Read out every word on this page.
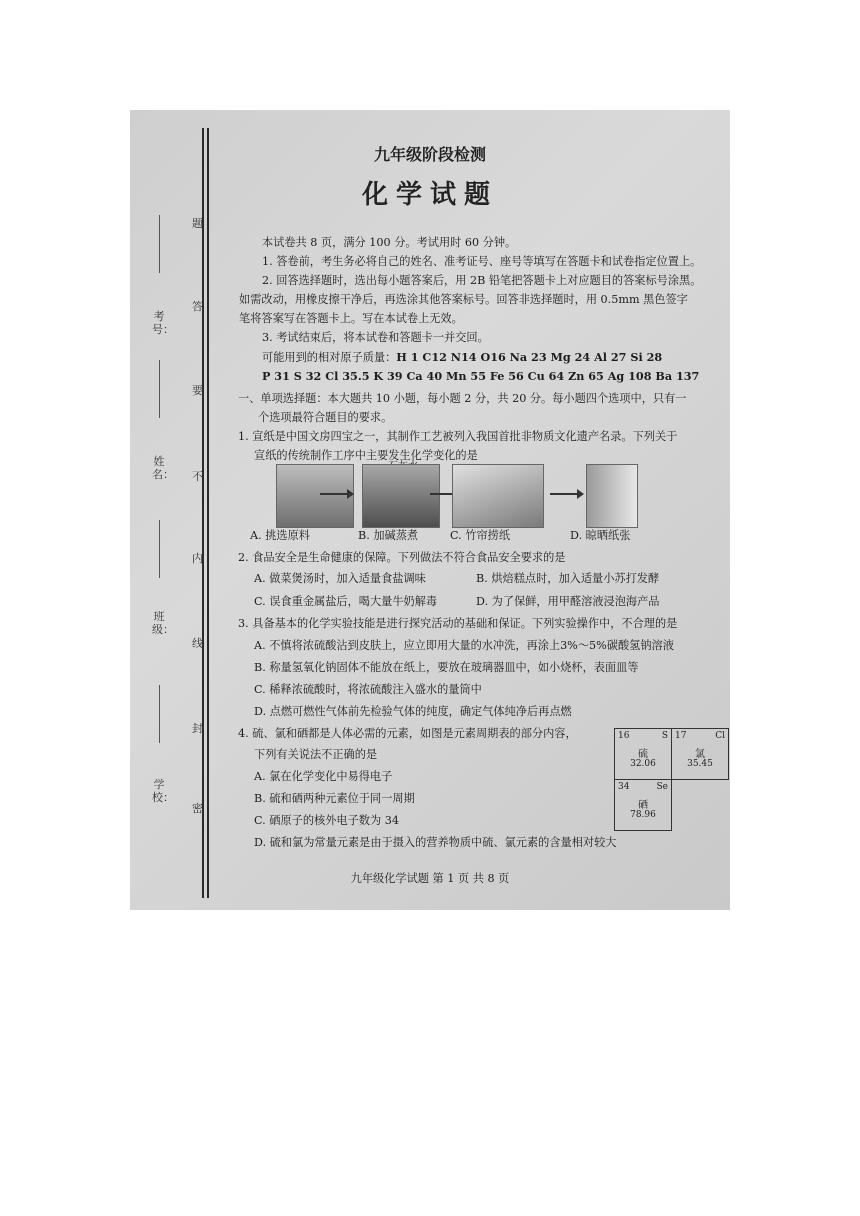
学校：
班级：
姓名：
考号：
密
封
线
内
不
要
答
题
九年级阶段检测
化学试题
本试卷共 8 页，满分 100 分。考试用时 60 分钟。
1. 答卷前，考生务必将自己的姓名、准考证号、座号等填写在答题卡和试卷指定位置上。
2. 回答选择题时，选出每小题答案后，用 2B 铅笔把答题卡上对应题目的答案标号涂黑。
如需改动，用橡皮擦干净后，再选涂其他答案标号。回答非选择题时，用 0.5mm 黑色签字
笔将答案写在答题卡上。写在本试卷上无效。
3. 考试结束后，将本试卷和答题卡一并交回。
可能用到的相对原子质量：H 1 C12 N14 O16 Na 23 Mg 24 Al 27 Si 28
P 31 S 32 Cl 35.5 K 39 Ca 40 Mn 55 Fe 56 Cu 64 Zn 65 Ag 108 Ba 137
一、单项选择题：本大题共 10 小题，每小题 2 分，共 20 分。每小题四个选项中，只有一
个选项最符合题目的要求。
1. 宣纸是中国文房四宝之一，其制作工艺被列入我国首批非物质文化遗产名录。下列关于
宣纸的传统制作工序中主要发生化学变化的是
A. 挑选原料	B. 加碱蒸煮	C. 竹帘捞纸	D. 晾晒纸张
2. 食品安全是生命健康的保障。下列做法不符合食品安全要求的是
A. 做菜煲汤时，加入适量食盐调味	B. 烘焙糕点时，加入适量小苏打发酵
C. 误食重金属盐后，喝大量牛奶解毒	D. 为了保鲜，用甲醛溶液浸泡海产品
3. 具备基本的化学实验技能是进行探究活动的基础和保证。下列实验操作中，不合理的是
A. 不慎将浓硫酸沾到皮肤上，应立即用大量的水冲洗，再涂上3%～5%碳酸氢钠溶液
B. 称量氢氧化钠固体不能放在纸上，要放在玻璃器皿中，如小烧杯，表面皿等
C. 稀释浓硫酸时，将浓硫酸注入盛水的量筒中
D. 点燃可燃性气体前先检验气体的纯度，确定气体纯净后再点燃
4. 硫、氯和硒都是人体必需的元素，如图是元素周期表的部分内容，
下列有关说法不正确的是
A. 氯在化学变化中易得电子
B. 硫和硒两种元素位于同一周期
C. 硒原子的核外电子数为 34
D. 硫和氯为常量元素是由于摄入的营养物质中硫、氯元素的含量相对较大
16	S
硫
32.06
17	Cl
氯
35.45
34	Se
硒
78.96
九年级化学试题 第 1 页 共 8 页
